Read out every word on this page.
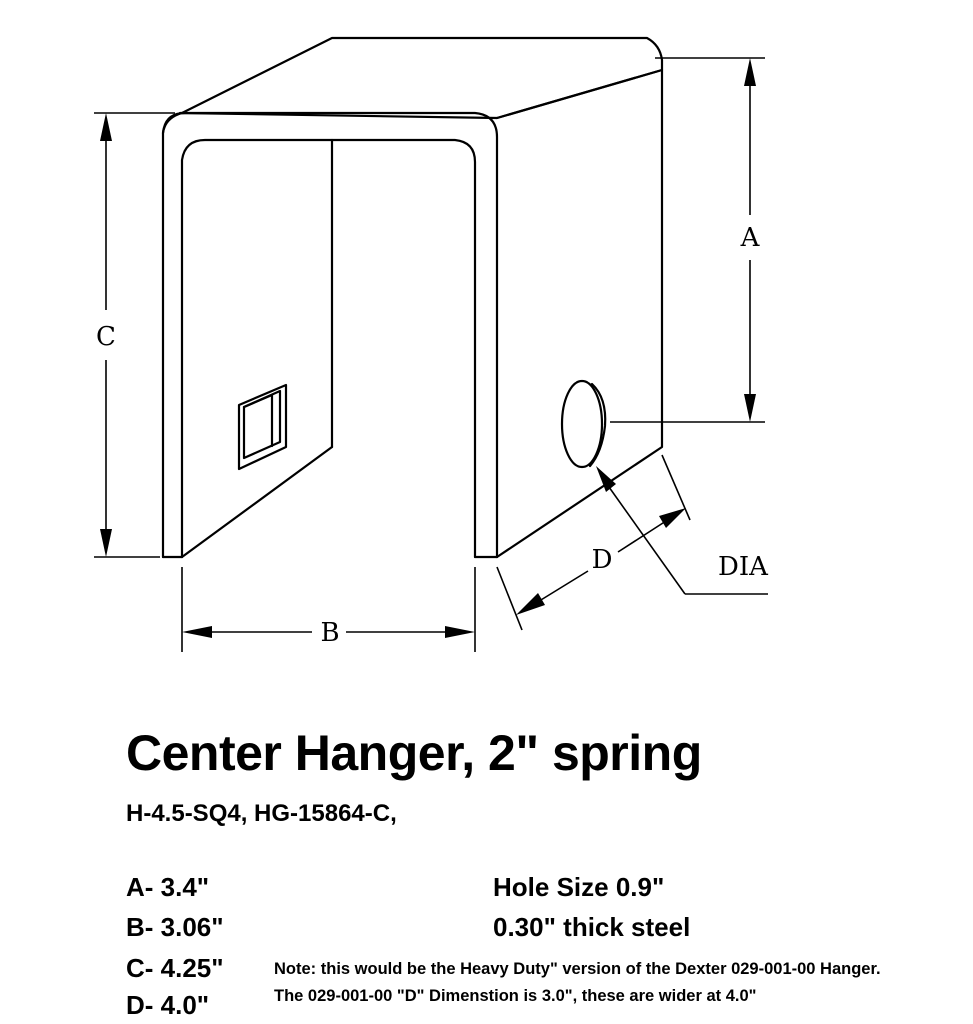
C
A
B
D	DIA
Center Hanger, 2" spring

H-4.5-SQ4, HG-15864-C,

A- 3.4"

B- 3.06"

C- 4.25"

D- 4.0"

Hole Size 0.9"

0.30" thick steel

Note: this would be the Heavy Duty" version of the Dexter 029-001-00 Hanger.

The 029-001-00 "D" Dimenstion is 3.0", these are wider at 4.0"
